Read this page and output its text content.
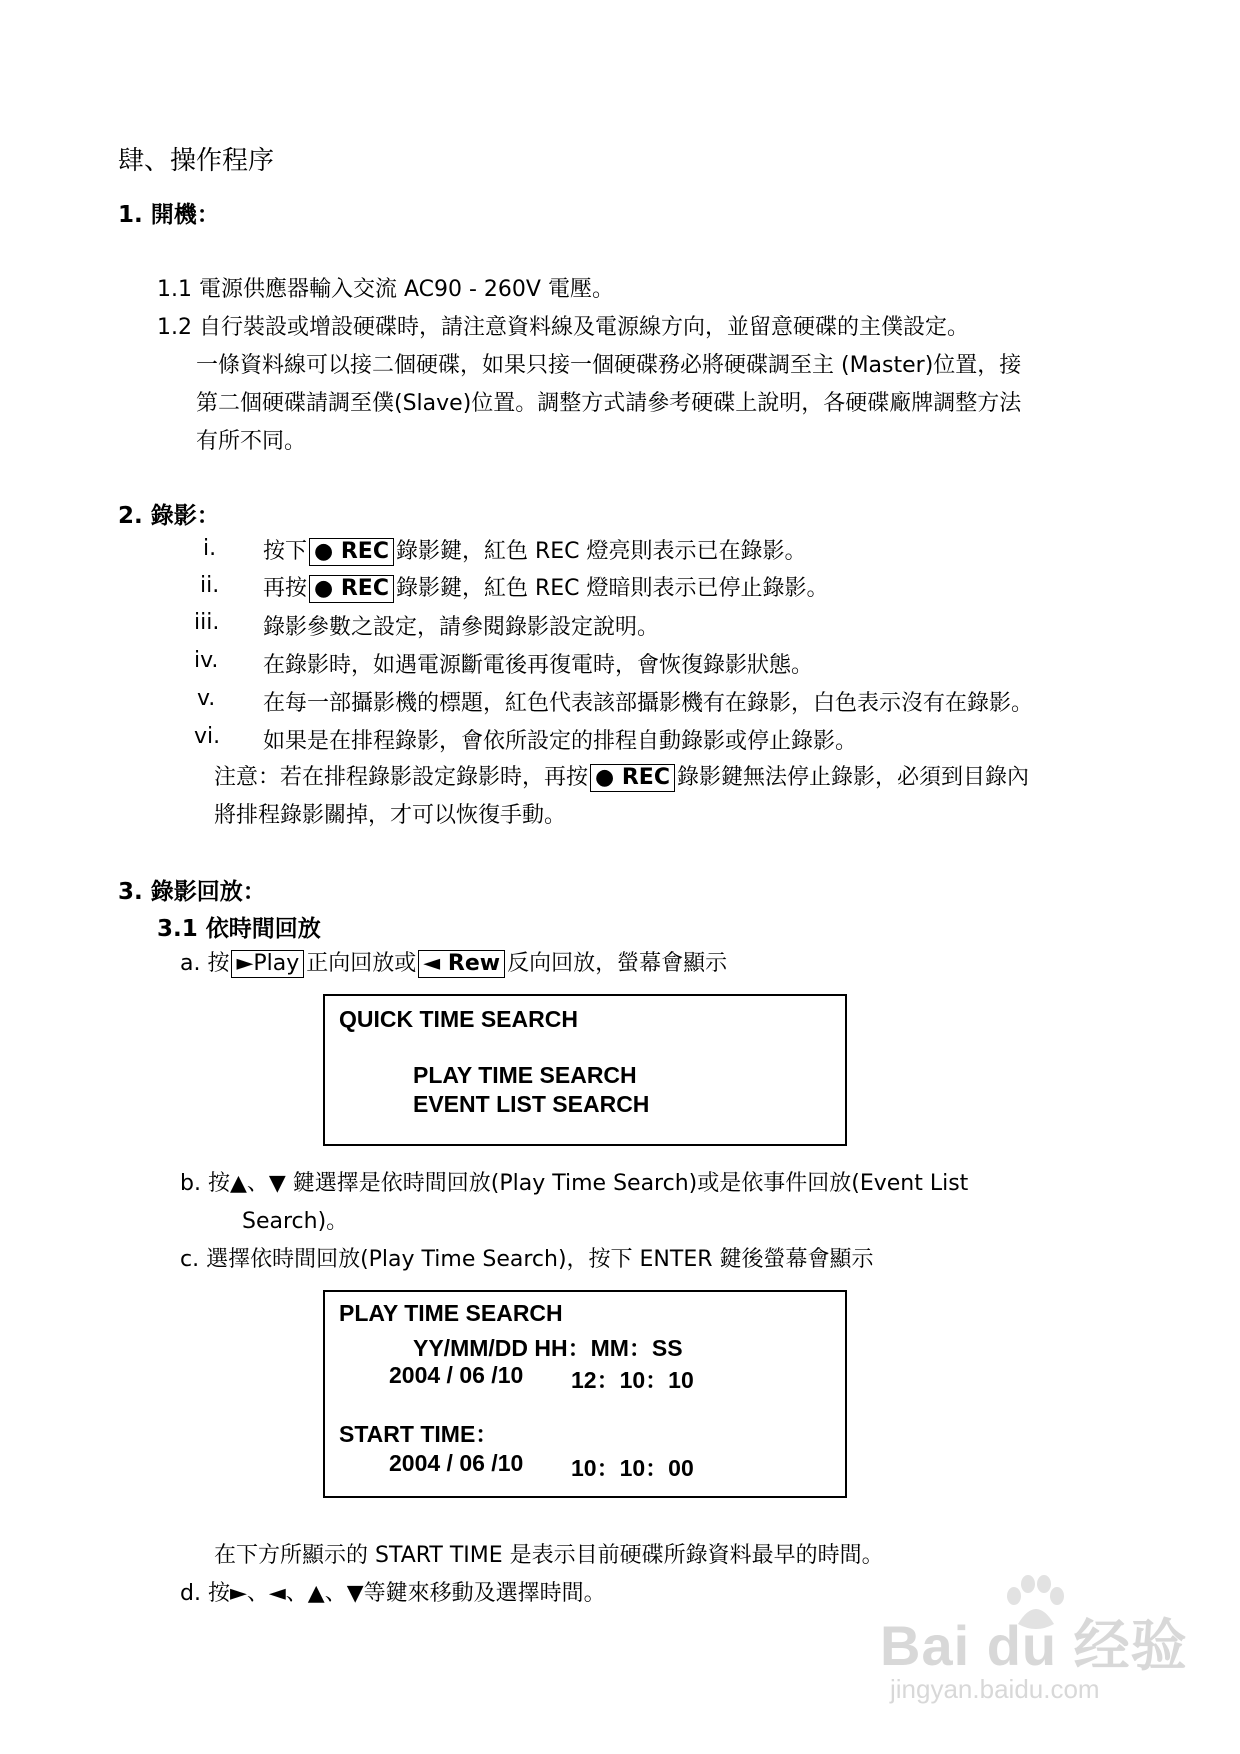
肆、操作程序
1. 開機：
1.1 電源供應器輸入交流 AC90 - 260V 電壓。
1.2 自行裝設或增設硬碟時，請注意資料線及電源線方向，並留意硬碟的主僕設定。
一條資料線可以接二個硬碟，如果只接一個硬碟務必將硬碟調至主 (Master)位置，接
第二個硬碟請調至僕(Slave)位置。調整方式請參考硬碟上說明，各硬碟廠牌調整方法
有所不同。
2. 錄影：
i. 按下 ● REC 錄影鍵，紅色 REC 燈亮則表示已在錄影。
ii. 再按 ● REC 錄影鍵，紅色 REC 燈暗則表示已停止錄影。
iii. 錄影參數之設定，請參閱錄影設定說明。
iv. 在錄影時，如遇電源斷電後再復電時，會恢復錄影狀態。
v. 在每一部攝影機的標題，紅色代表該部攝影機有在錄影，白色表示沒有在錄影。
vi. 如果是在排程錄影，會依所設定的排程自動錄影或停止錄影。
注意：若在排程錄影設定錄影時，再按 ● REC 錄影鍵無法停止錄影，必須到目錄內
將排程錄影關掉，才可以恢復手動。
3. 錄影回放：
3.1 依時間回放
a. 按 ►Play 正向回放或 ◄ Rew 反向回放，螢幕會顯示
QUICK TIME SEARCH
PLAY TIME SEARCH
EVENT LIST SEARCH
b. 按▲、▼ 鍵選擇是依時間回放(Play Time Search)或是依事件回放(Event List
Search)。
c. 選擇依時間回放(Play Time Search)，按下 ENTER 鍵後螢幕會顯示
PLAY TIME SEARCH
YY/MM/DD HH：MM：SS
2004 / 06 /10 12：10：10
START TIME：
2004 / 06 /10 10：10：00
在下方所顯示的 START TIME 是表示目前硬碟所錄資料最早的時間。
d. 按►、◄、▲、▼等鍵來移動及選擇時間。
Bai du 经验
jingyan.baidu.com
